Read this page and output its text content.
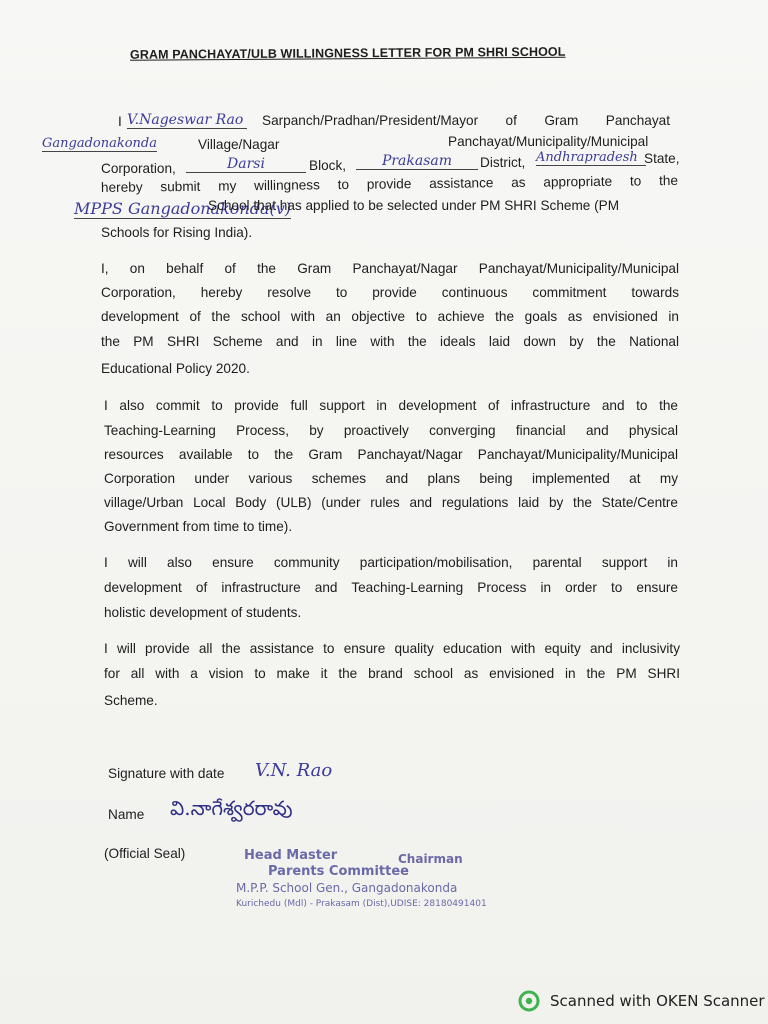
GRAM PANCHAYAT/ULB WILLINGNESS LETTER FOR PM SHRI SCHOOL
I V.Nageswar Rao Sarpanch/Pradhan/President/Mayor of Gram Panchayat
Gangadonakonda	Village/Nagar	Panchayat/Municipality/Municipal
Corporation,	Darsi	Block,	Prakasam	District, Andhrapradesh State,
hereby submit my willingness to provide assistance as appropriate to the
MPPS Gangadonakonda(v)
School that has applied to be selected under PM SHRI Scheme (PM
Schools for Rising India).
I, on behalf of the Gram Panchayat/Nagar Panchayat/Municipality/Municipal
Corporation, hereby resolve to provide continuous commitment towards
development of the school with an objective to achieve the goals as envisioned in
the PM SHRI Scheme and in line with the ideals laid down by the National
Educational Policy 2020.
I also commit to provide full support in development of infrastructure and to the
Teaching-Learning Process, by proactively converging financial and physical
resources available to the Gram Panchayat/Nagar Panchayat/Municipality/Municipal
Corporation under various schemes and plans being implemented at my
village/Urban Local Body (ULB) (under rules and regulations laid by the State/Centre
Government from time to time).
I will also ensure community participation/mobilisation, parental support in
development of infrastructure and Teaching-Learning Process in order to ensure
holistic development of students.
I will provide all the assistance to ensure quality education with equity and inclusivity
for all with a vision to make it the brand school as envisioned in the PM SHRI
Scheme.
Signature with date V.N. Rao
Name వి.నాగేశ్వరరావు
(Official Seal)	Head Master	Chairman
Parents Committee
M.P.P. School Gen., Gangadonakonda
Kurichedu (Mdl) - Prakasam (Dist),UDISE: 28180491401
Scanned with OKEN Scanner
